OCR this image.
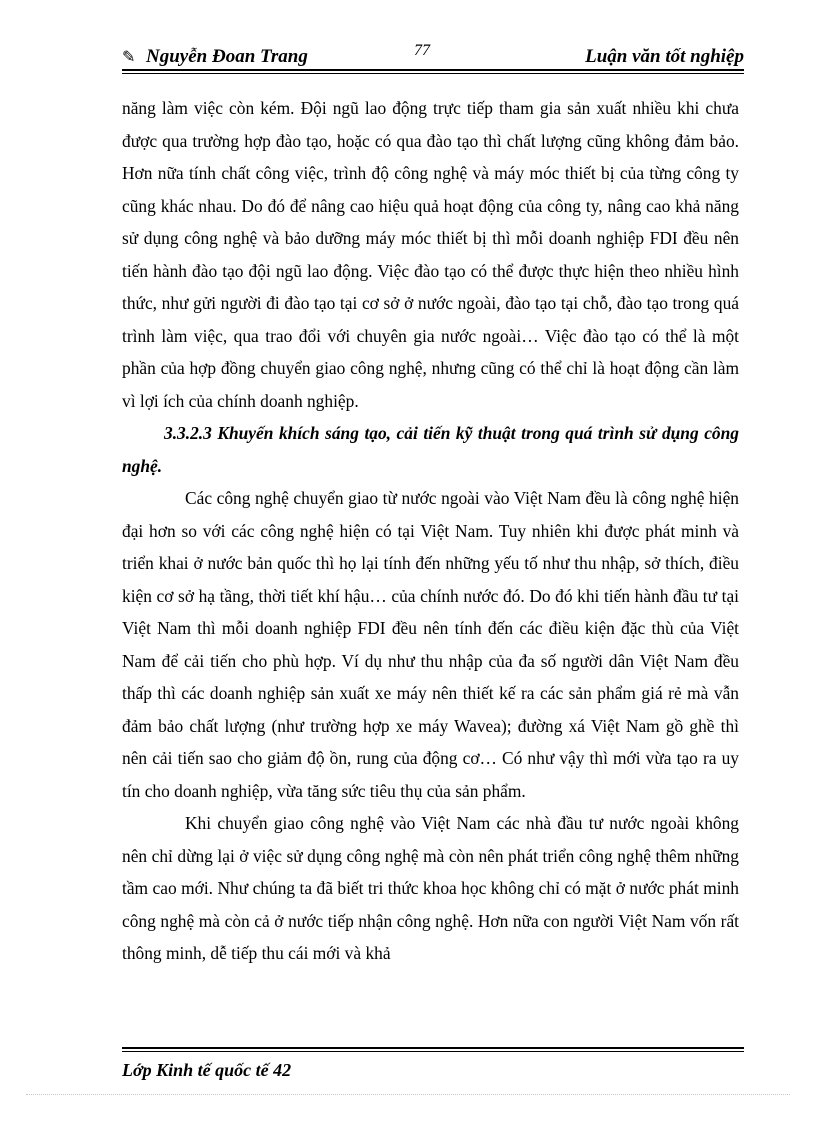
✎ Nguyễn Đoan Trang	77	Luận văn tốt nghiệp

năng làm việc còn kém. Đội ngũ lao động trực tiếp tham gia sản xuất nhiều khi chưa được qua trường hợp đào tạo, hoặc có qua đào tạo thì chất lượng cũng không đảm bảo. Hơn nữa tính chất công việc, trình độ công nghệ và máy móc thiết bị của từng công ty cũng khác nhau. Do đó để nâng cao hiệu quả hoạt động của công ty, nâng cao khả năng sử dụng công nghệ và bảo dưỡng máy móc thiết bị thì mỗi doanh nghiệp FDI đều nên tiến hành đào tạo đội ngũ lao động. Việc đào tạo có thể được thực hiện theo nhiều hình thức, như gửi người đi đào tạo tại cơ sở ở nước ngoài, đào tạo tại chỗ, đào tạo trong quá trình làm việc, qua trao đổi với chuyên gia nước ngoài… Việc đào tạo có thể là một phần của hợp đồng chuyển giao công nghệ, nhưng cũng có thể chỉ là hoạt động cần làm vì lợi ích của chính doanh nghiệp.

3.3.2.3 Khuyến khích sáng tạo, cải tiến kỹ thuật trong quá trình sử dụng công nghệ.

Các công nghệ chuyển giao từ nước ngoài vào Việt Nam đều là công nghệ hiện đại hơn so với các công nghệ hiện có tại Việt Nam. Tuy nhiên khi được phát minh và triển khai ở nước bản quốc thì họ lại tính đến những yếu tố như thu nhập, sở thích, điều kiện cơ sở hạ tầng, thời tiết khí hậu… của chính nước đó. Do đó khi tiến hành đầu tư tại Việt Nam thì mỗi doanh nghiệp FDI đều nên tính đến các điều kiện đặc thù của Việt Nam để cải tiến cho phù hợp. Ví dụ như thu nhập của đa số người dân Việt Nam đều thấp thì các doanh nghiệp sản xuất xe máy nên thiết kế ra các sản phẩm giá rẻ mà vẫn đảm bảo chất lượng (như trường hợp xe máy Wavea); đường xá Việt Nam gồ ghề thì nên cải tiến sao cho giảm độ ồn, rung của động cơ… Có như vậy thì mới vừa tạo ra uy tín cho doanh nghiệp, vừa tăng sức tiêu thụ của sản phẩm.

Khi chuyển giao công nghệ vào Việt Nam các nhà đầu tư nước ngoài không nên chỉ dừng lại ở việc sử dụng công nghệ mà còn nên phát triển công nghệ thêm những tầm cao mới. Như chúng ta đã biết tri thức khoa học không chỉ có mặt ở nước phát minh công nghệ mà còn cả ở nước tiếp nhận công nghệ. Hơn nữa con người Việt Nam vốn rất thông minh, dễ tiếp thu cái mới và khả

Lớp Kinh tế quốc tế 42
